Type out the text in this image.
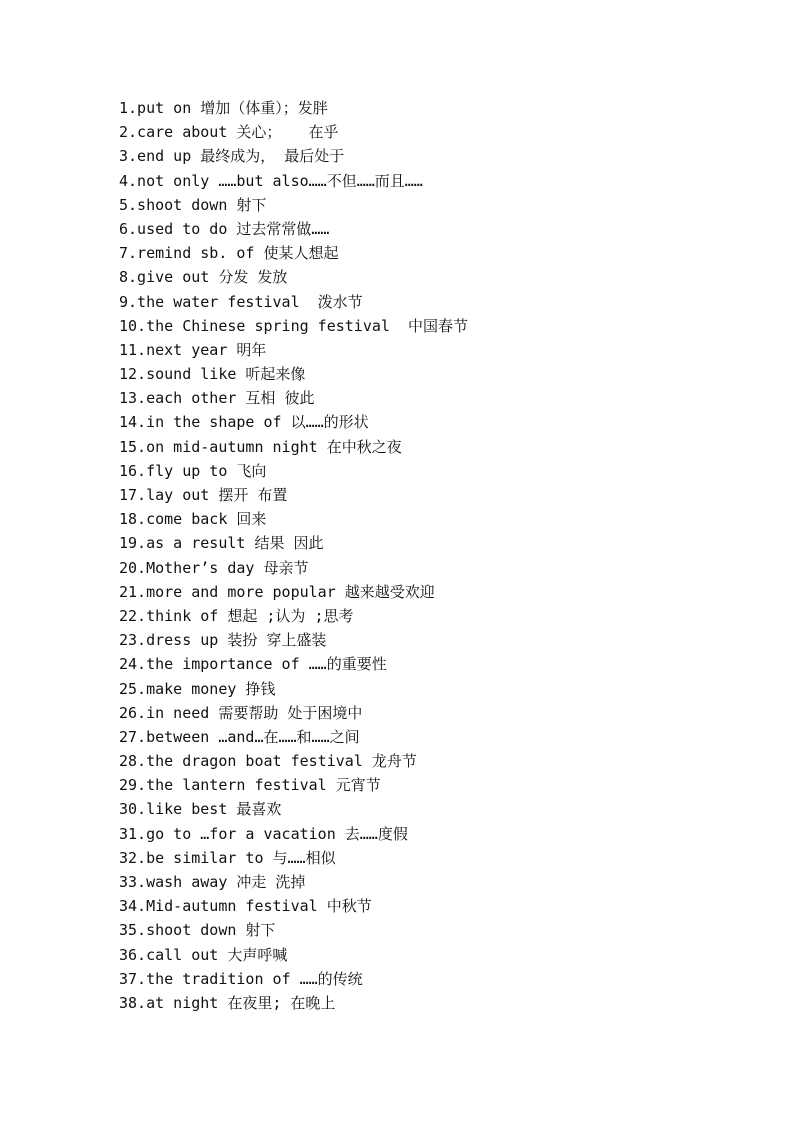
1.put on 增加（体重）；发胖
2.care about 关心；   在乎
3.end up 最终成为， 最后处于
4.not only ……but also……不但……而且……
5.shoot down 射下
6.used to do 过去常常做……
7.remind sb. of 使某人想起
8.give out 分发 发放
9.the water festival  泼水节
10.the Chinese spring festival  中国春节
11.next year 明年
12.sound like 听起来像
13.each other 互相 彼此
14.in the shape of 以……的形状
15.on mid-autumn night 在中秋之夜
16.fly up to 飞向
17.lay out 摆开 布置
18.come back 回来
19.as a result 结果 因此
20.Mother’s day 母亲节
21.more and more popular 越来越受欢迎
22.think of 想起 ;认为 ;思考
23.dress up 装扮 穿上盛装
24.the importance of ……的重要性
25.make money 挣钱
26.in need 需要帮助 处于困境中
27.between …and…在……和……之间
28.the dragon boat festival 龙舟节
29.the lantern festival 元宵节
30.like best 最喜欢
31.go to …for a vacation 去……度假
32.be similar to 与……相似
33.wash away 冲走 洗掉
34.Mid-autumn festival 中秋节
35.shoot down 射下
36.call out 大声呼喊
37.the tradition of ……的传统
38.at night 在夜里; 在晚上
